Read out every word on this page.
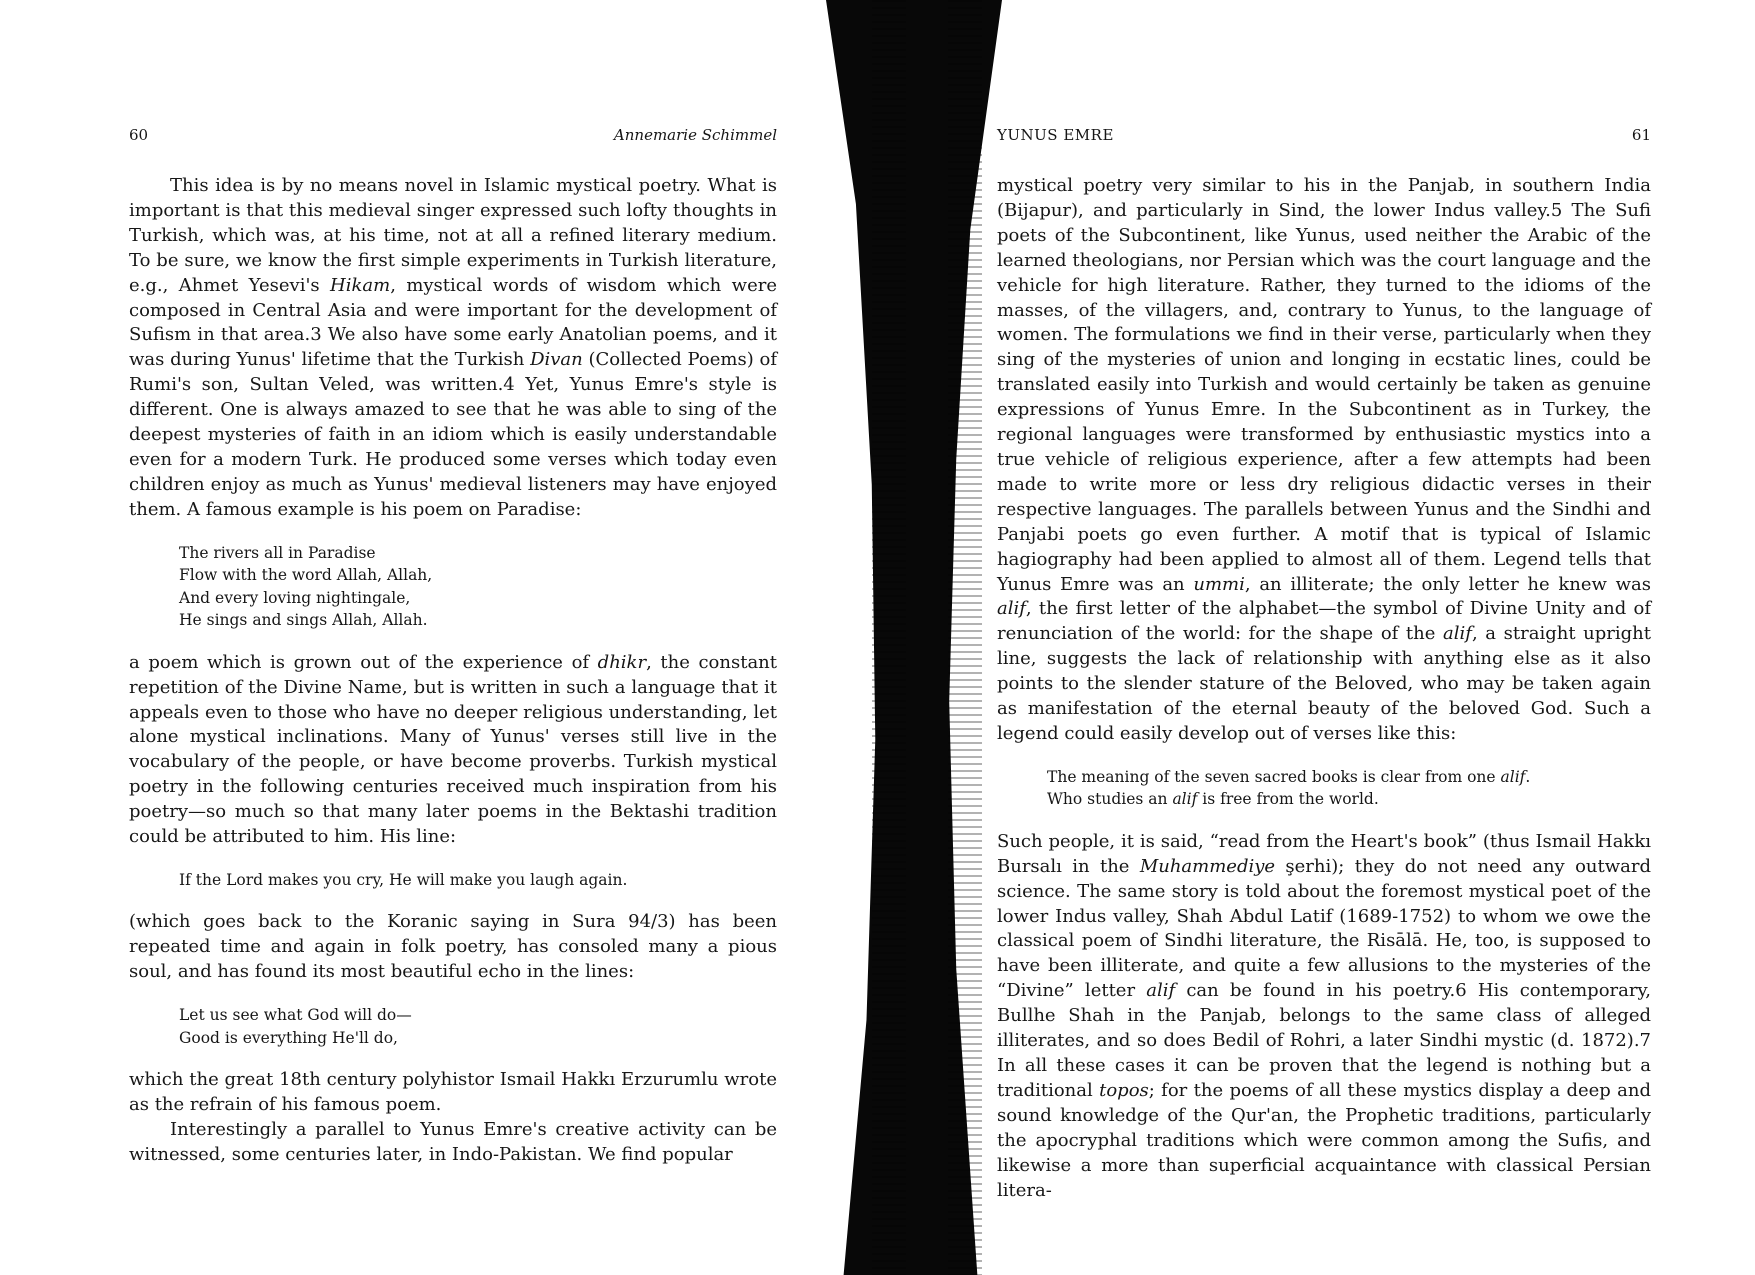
60	Annemarie Schimmel

This idea is by no means novel in Islamic mystical poetry. What is important is that this medieval singer expressed such lofty thoughts in Turkish, which was, at his time, not at all a refined literary medium. To be sure, we know the first simple experiments in Turkish literature, e.g., Ahmet Yesevi's Hikam, mystical words of wisdom which were composed in Central Asia and were important for the development of Sufism in that area.3 We also have some early Anatolian poems, and it was during Yunus' lifetime that the Turkish Divan (Collected Poems) of Rumi's son, Sultan Veled, was written.4 Yet, Yunus Emre's style is different. One is always amazed to see that he was able to sing of the deepest mysteries of faith in an idiom which is easily understandable even for a modern Turk. He produced some verses which today even children enjoy as much as Yunus' medieval listeners may have enjoyed them. A famous example is his poem on Paradise:

The rivers all in Paradise
Flow with the word Allah, Allah,
And every loving nightingale,
He sings and sings Allah, Allah.

a poem which is grown out of the experience of dhikr, the constant repetition of the Divine Name, but is written in such a language that it appeals even to those who have no deeper religious understanding, let alone mystical inclinations. Many of Yunus' verses still live in the vocabulary of the people, or have become proverbs. Turkish mystical poetry in the following centuries received much inspiration from his poetry—so much so that many later poems in the Bektashi tradition could be attributed to him. His line:

If the Lord makes you cry, He will make you laugh again.

(which goes back to the Koranic saying in Sura 94/3) has been repeated time and again in folk poetry, has consoled many a pious soul, and has found its most beautiful echo in the lines:

Let us see what God will do—
Good is everything He'll do,

which the great 18th century polyhistor Ismail Hakkı Erzurumlu wrote as the refrain of his famous poem.

Interestingly a parallel to Yunus Emre's creative activity can be witnessed, some centuries later, in Indo-Pakistan. We find popular

YUNUS EMRE	61

mystical poetry very similar to his in the Panjab, in southern India (Bijapur), and particularly in Sind, the lower Indus valley.5 The Sufi poets of the Subcontinent, like Yunus, used neither the Arabic of the learned theologians, nor Persian which was the court language and the vehicle for high literature. Rather, they turned to the idioms of the masses, of the villagers, and, contrary to Yunus, to the language of women. The formulations we find in their verse, particularly when they sing of the mysteries of union and longing in ecstatic lines, could be translated easily into Turkish and would certainly be taken as genuine expressions of Yunus Emre. In the Subcontinent as in Turkey, the regional languages were transformed by enthusiastic mystics into a true vehicle of religious experience, after a few attempts had been made to write more or less dry religious didactic verses in their respective languages. The parallels between Yunus and the Sindhi and Panjabi poets go even further. A motif that is typical of Islamic hagiography had been applied to almost all of them. Legend tells that Yunus Emre was an ummi, an illiterate; the only letter he knew was alif, the first letter of the alphabet—the symbol of Divine Unity and of renunciation of the world: for the shape of the alif, a straight upright line, suggests the lack of relationship with anything else as it also points to the slender stature of the Beloved, who may be taken again as manifestation of the eternal beauty of the beloved God. Such a legend could easily develop out of verses like this:

The meaning of the seven sacred books is clear from one alif.
Who studies an alif is free from the world.

Such people, it is said, “read from the Heart's book” (thus Ismail Hakkı Bursalı in the Muhammediye şerhi); they do not need any outward science. The same story is told about the foremost mystical poet of the lower Indus valley, Shah Abdul Latif (1689-1752) to whom we owe the classical poem of Sindhi literature, the Risālā. He, too, is supposed to have been illiterate, and quite a few allusions to the mysteries of the “Divine” letter alif can be found in his poetry.6 His contemporary, Bullhe Shah in the Panjab, belongs to the same class of alleged illiterates, and so does Bedil of Rohri, a later Sindhi mystic (d. 1872).7 In all these cases it can be proven that the legend is nothing but a traditional topos; for the poems of all these mystics display a deep and sound knowledge of the Qur'an, the Prophetic traditions, particularly the apocryphal traditions which were common among the Sufis, and likewise a more than superficial acquaintance with classical Persian litera-
